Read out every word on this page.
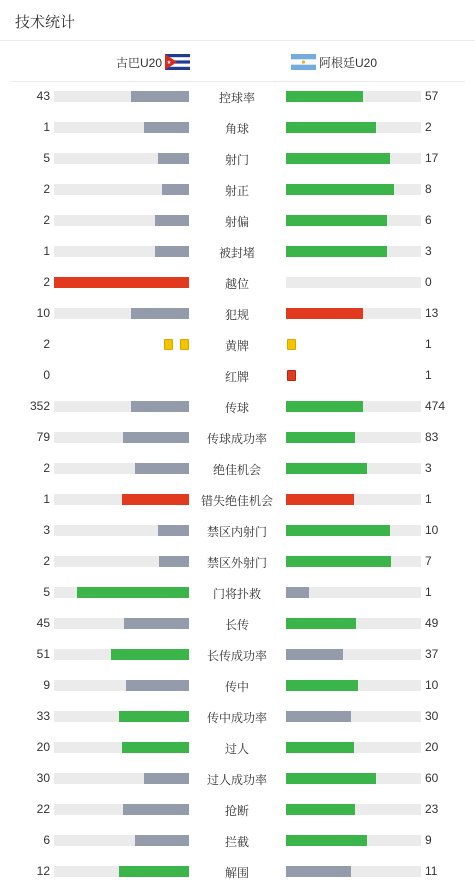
技术统计
古巴U20	阿根廷U20
43	控球率	57
1	角球	2
5	射门	17
2	射正	8
2	射偏	6
1	被封堵	3
2	越位	0
10	犯规	13
2	黄牌	1
0	红牌	1
352	传球	474
79	传球成功率	83
2	绝佳机会	3
1	错失绝佳机会	1
3	禁区内射门	10
2	禁区外射门	7
5	门将扑救	1
45	长传	49
51	长传成功率	37
9	传中	10
33	传中成功率	30
20	过人	20
30	过人成功率	60
22	抢断	23
6	拦截	9
12	解围	11
